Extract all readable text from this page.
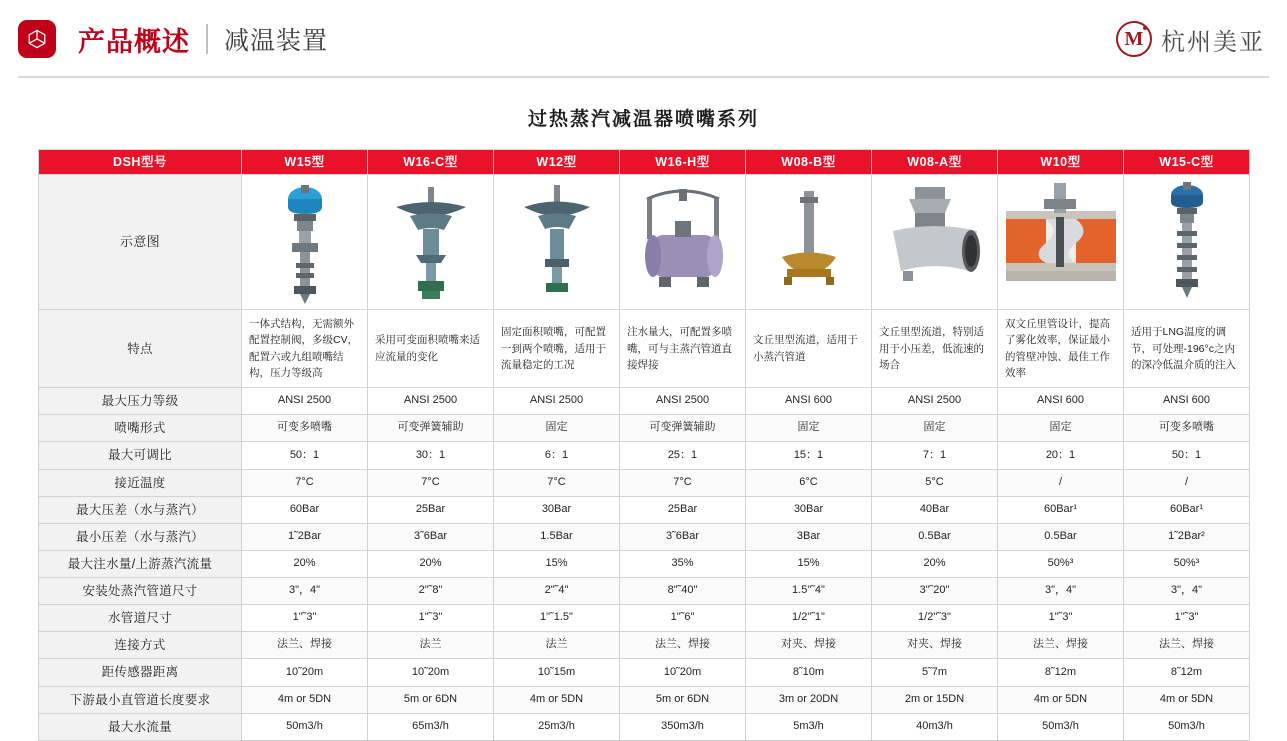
产品概述 减温装置	M 杭州美亚
过热蒸汽减温器喷嘴系列
DSH型号	W15型	W16-C型	W12型	W16-H型	W08-B型	W08-A型	W10型	W15-C型
示意图	

特点	一体式结构，无需额外配置控制阀，多级CV，配置六或九组喷嘴结构，压力等级高	采用可变面积喷嘴来适应流量的变化	固定面积喷嘴，可配置一到两个喷嘴，适用于流量稳定的工况	注水量大，可配置多喷嘴，可与主蒸汽管道直接焊接	文丘里型流道，适用于小蒸汽管道	文丘里型流道，特别适用于小压差，低流速的场合	双文丘里管设计，提高了雾化效率，保证最小的管壁冲蚀、最佳工作效率	适用于LNG温度的调节，可处理-196°c之内的深冷低温介质的注入
最大压力等级	ANSI 2500	ANSI 2500	ANSI 2500	ANSI 2500	ANSI 600	ANSI 2500	ANSI 600	ANSI 600
喷嘴形式	可变多喷嘴	可变弹簧辅助	固定	可变弹簧辅助	固定	固定	固定	可变多喷嘴
最大可调比	50：1	30：1	6：1	25：1	15：1	7：1	20：1	50：1
接近温度	7°C	7°C	7°C	7°C	6°C	5°C	/	/
最大压差（水与蒸汽）	60Bar	25Bar	30Bar	25Bar	30Bar	40Bar	60Bar¹	60Bar¹
最小压差（水与蒸汽）	1˜2Bar	3˜6Bar	1.5Bar	3˜6Bar	3Bar	0.5Bar	0.5Bar	1˜2Bar²
最大注水量/上游蒸汽流量	20%	20%	15%	35%	15%	20%	50%³	50%³
安装处蒸汽管道尺寸	3"，4"	2"˜8"	2"˜4"	8"˜40"	1.5"˜4"	3"˜20"	3"，4"	3"，4"
水管道尺寸	1"˜3"	1"˜3"	1"˜1.5"	1"˜6"	1/2"˜1"	1/2"˜3"	1"˜3"	1"˜3"
连接方式	法兰、焊接	法兰	法兰	法兰、焊接	对夹、焊接	对夹、焊接	法兰、焊接	法兰、焊接
距传感器距离	10˜20m	10˜20m	10˜15m	10˜20m	8˜10m	5˜7m	8˜12m	8˜12m
下游最小直管道长度要求	4m or 5DN	5m or 6DN	4m or 5DN	5m or 6DN	3m or 20DN	2m or 15DN	4m or 5DN	4m or 5DN
最大水流量	50m3/h	65m3/h	25m3/h	350m3/h	5m3/h	40m3/h	50m3/h	50m3/h
